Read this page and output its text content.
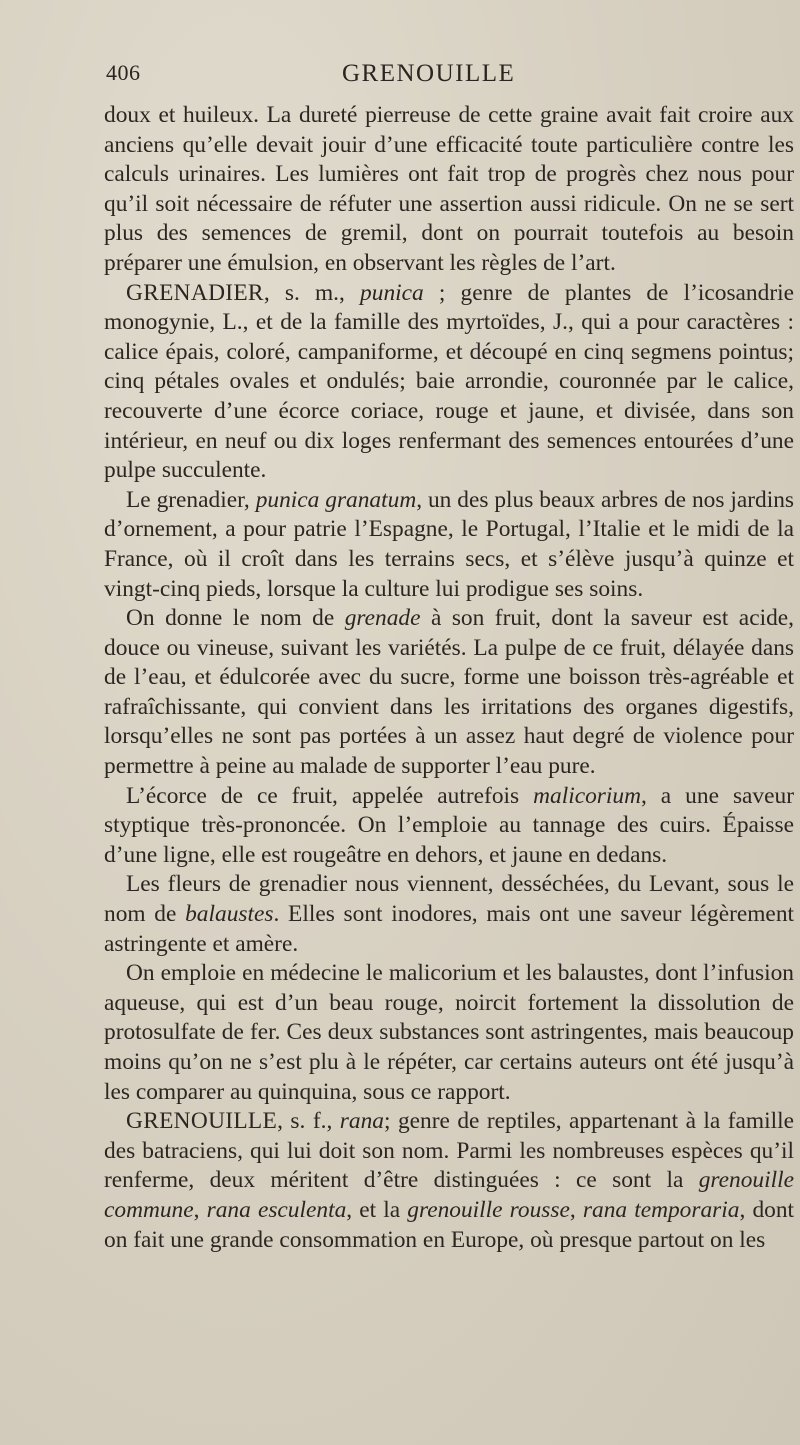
406	GRENOUILLE

doux et huileux. La dureté pierreuse de cette graine avait fait croire aux anciens qu’elle devait jouir d’une efficacité toute particulière contre les calculs urinaires. Les lumières ont fait trop de progrès chez nous pour qu’il soit nécessaire de réfuter une assertion aussi ridicule. On ne se sert plus des semences de gremil, dont on pourrait toutefois au besoin préparer une émulsion, en observant les règles de l’art.

GRENADIER, s. m., punica ; genre de plantes de l’icosandrie monogynie, L., et de la famille des myrtoïdes, J., qui a pour caractères : calice épais, coloré, campaniforme, et découpé en cinq segmens pointus; cinq pétales ovales et ondulés; baie arrondie, couronnée par le calice, recouverte d’une écorce coriace, rouge et jaune, et divisée, dans son intérieur, en neuf ou dix loges renfermant des semences entourées d’une pulpe succulente.

Le grenadier, punica granatum, un des plus beaux arbres de nos jardins d’ornement, a pour patrie l’Espagne, le Portugal, l’Italie et le midi de la France, où il croît dans les terrains secs, et s’élève jusqu’à quinze et vingt-cinq pieds, lorsque la culture lui prodigue ses soins.

On donne le nom de grenade à son fruit, dont la saveur est acide, douce ou vineuse, suivant les variétés. La pulpe de ce fruit, délayée dans de l’eau, et édulcorée avec du sucre, forme une boisson très-agréable et rafraîchissante, qui convient dans les irritations des organes digestifs, lorsqu’elles ne sont pas portées à un assez haut degré de violence pour permettre à peine au malade de supporter l’eau pure.

L’écorce de ce fruit, appelée autrefois malicorium, a une saveur styptique très-prononcée. On l’emploie au tannage des cuirs. Épaisse d’une ligne, elle est rougeâtre en dehors, et jaune en dedans.

Les fleurs de grenadier nous viennent, desséchées, du Levant, sous le nom de balaustes. Elles sont inodores, mais ont une saveur légèrement astringente et amère.

On emploie en médecine le malicorium et les balaustes, dont l’infusion aqueuse, qui est d’un beau rouge, noircit fortement la dissolution de protosulfate de fer. Ces deux substances sont astringentes, mais beaucoup moins qu’on ne s’est plu à le répéter, car certains auteurs ont été jusqu’à les comparer au quinquina, sous ce rapport.

GRENOUILLE, s. f., rana; genre de reptiles, appartenant à la famille des batraciens, qui lui doit son nom. Parmi les nombreuses espèces qu’il renferme, deux méritent d’être distinguées : ce sont la grenouille commune, rana esculenta, et la grenouille rousse, rana temporaria, dont on fait une grande consommation en Europe, où presque partout on les
